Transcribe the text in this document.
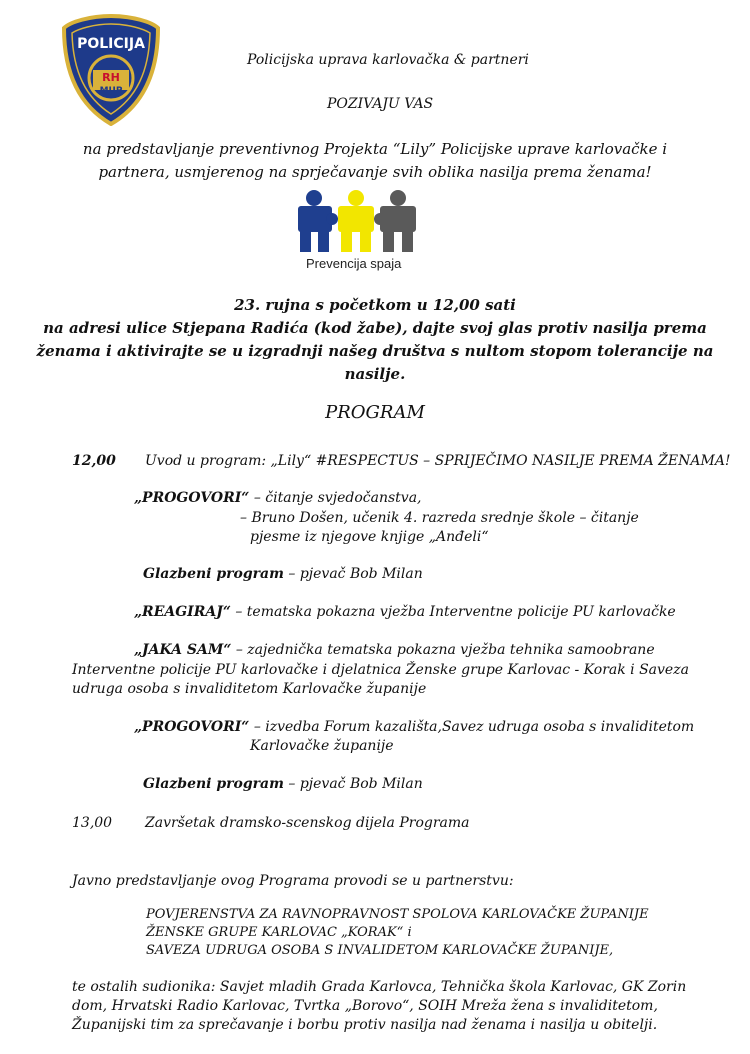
POLICIJA
RH
MUP
Policijska uprava karlovačka & partneri
POZIVAJU VAS
na predstavljanje preventivnog Projekta “Lily” Policijske uprave karlovačke i
partnera, usmjerenog na sprječavanje svih oblika nasilja prema ženama!
Prevencija spaja
23. rujna s početkom u 12,00 sati
na adresi ulice Stjepana Radića (kod žabe), dajte svoj glas protiv nasilja prema
ženama i aktivirajte se u izgradnji našeg društva s nultom stopom tolerancije na
nasilje.
PROGRAM
12,00 Uvod u program: „Lily“ #RESPECTUS – SPRIJEČIMO NASILJE PREMA ŽENAMA!
„PROGOVORI“ – čitanje svjedočanstva,
– Bruno Došen, učenik 4. razreda srednje škole – čitanje
pjesme iz njegove knjige „Anđeli“
Glazbeni program – pjevač Bob Milan
„REAGIRAJ“ – tematska pokazna vježba Interventne policije PU karlovačke
„JAKA SAM“ – zajednička tematska pokazna vježba tehnika samoobrane
Interventne policije PU karlovačke i djelatnica Ženske grupe Karlovac - Korak i Saveza
udruga osoba s invaliditetom Karlovačke županije
„PROGOVORI“ – izvedba Forum kazališta,Savez udruga osoba s invaliditetom
Karlovačke županije
Glazbeni program – pjevač Bob Milan
13,00 Završetak dramsko-scenskog dijela Programa
Javno predstavljanje ovog Programa provodi se u partnerstvu:
POVJERENSTVA ZA RAVNOPRAVNOST SPOLOVA KARLOVAČKE ŽUPANIJE
ŽENSKE GRUPE KARLOVAC „KORAK“ i
SAVEZA UDRUGA OSOBA S INVALIDETOM KARLOVAČKE ŽUPANIJE,
te ostalih sudionika: Savjet mladih Grada Karlovca, Tehnička škola Karlovac, GK Zorin
dom, Hrvatski Radio Karlovac, Tvrtka „Borovo“, SOIH Mreža žena s invaliditetom,
Županijski tim za sprečavanje i borbu protiv nasilja nad ženama i nasilja u obitelji.
